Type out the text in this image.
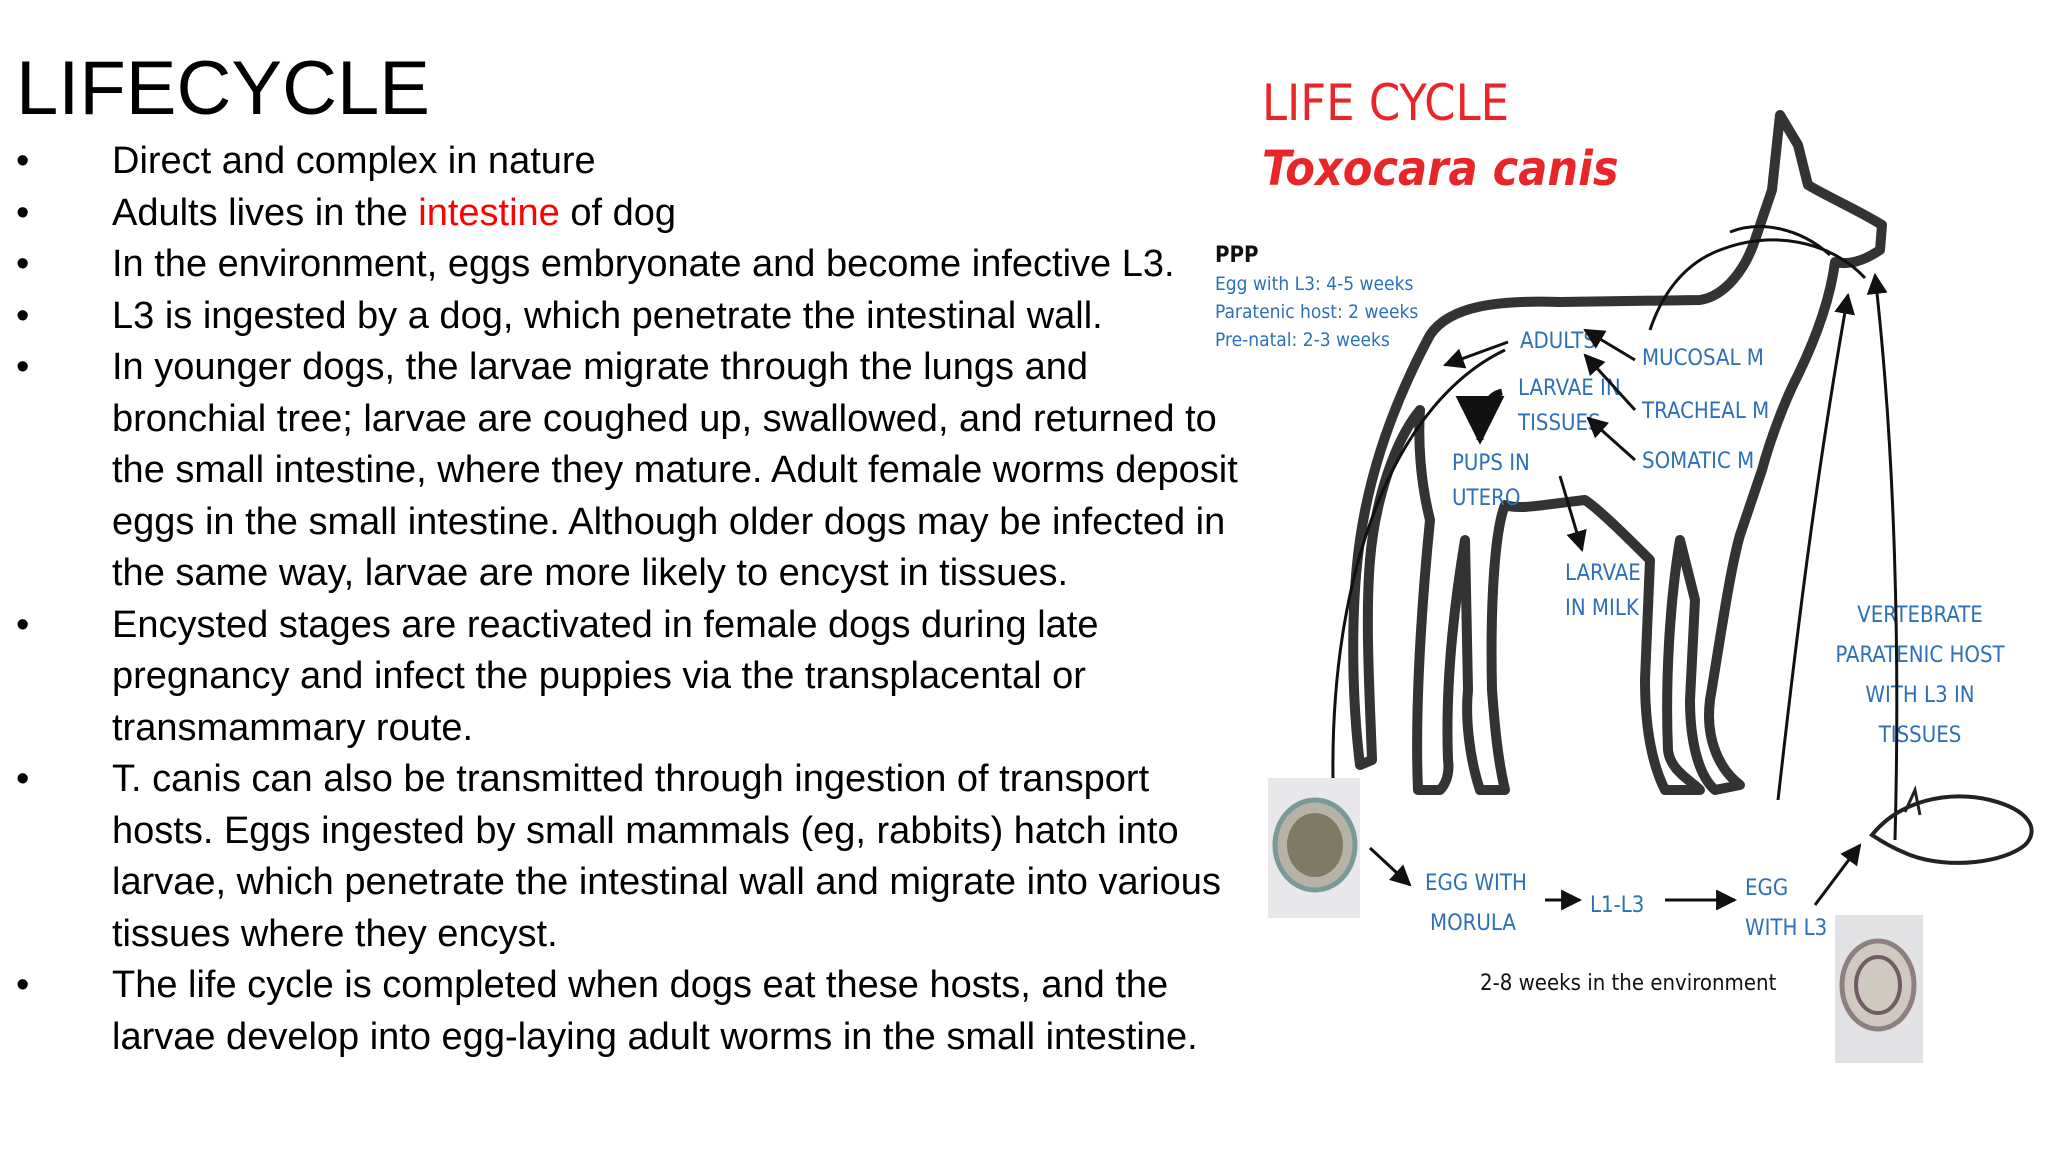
LIFECYCLE
• Direct and complex in nature
• Adults lives in the intestine of dog
• In the environment, eggs embryonate and become infective L3.
• L3 is ingested by a dog, which penetrate the intestinal wall.
• In younger dogs, the larvae migrate through the lungs and bronchial tree; larvae are coughed up, swallowed, and returned to the small intestine, where they mature. Adult female worms deposit eggs in the small intestine. Although older dogs may be infected in the same way, larvae are more likely to encyst in tissues.
• Encysted stages are reactivated in female dogs during late pregnancy and infect the puppies via the transplacental or transmammary route.
• T. canis can also be transmitted through ingestion of transport hosts. Eggs ingested by small mammals (eg, rabbits) hatch into larvae, which penetrate the intestinal wall and migrate into various tissues where they encyst.
• The life cycle is completed when dogs eat these hosts, and the larvae develop into egg-laying adult worms in the small intestine.
LIFE CYCLE
Toxocara canis
PPP
Egg with L3: 4-5 weeks
Paratenic host: 2 weeks
Pre-natal: 2-3 weeks	ADULTS
LARVAE IN
TISSUES
MUCOSAL M
TRACHEAL M
SOMATIC M
PUPS IN
UTERO
LARVAE
IN MILK	VERTEBRATE
PARATENIC HOST
WITH L3 IN
TISSUES
EGG WITH
MORULA
L1-L3
EGG
WITH L3
2-8 weeks in the environment
